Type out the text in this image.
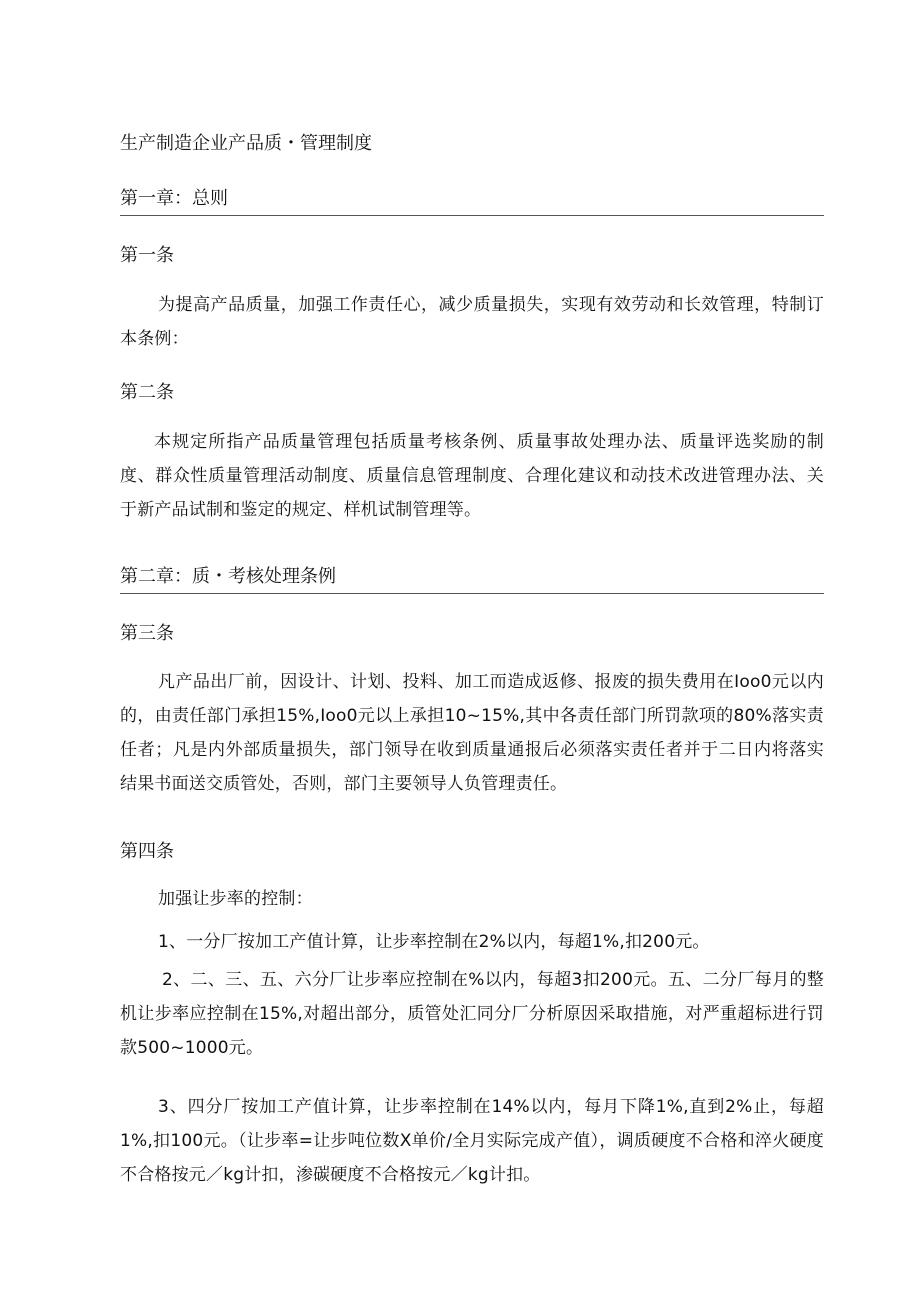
生产制造企业产品质・管理制度
第一章：总则
第一条
为提高产品质量，加强工作责任心，减少质量损失，实现有效劳动和长效管理，特制订本条例：
第二条
本规定所指产品质量管理包括质量考核条例、质量事故处理办法、质量评选奖励的制度、群众性质量管理活动制度、质量信息管理制度、合理化建议和动技术改进管理办法、关于新产品试制和鉴定的规定、样机试制管理等。
第二章：质・考核处理条例
第三条
凡产品出厂前，因设计、计划、投料、加工而造成返修、报废的损失费用在Ioo0元以内的，由责任部门承担15%,Ioo0元以上承担10~15%,其中各责任部门所罚款项的80%落实责任者；凡是内外部质量损失，部门领导在收到质量通报后必须落实责任者并于二日内将落实结果书面送交质管处，否则，部门主要领导人负管理责任。
第四条
加强让步率的控制：
1、一分厂按加工产值计算，让步率控制在2%以内，每超1%,扣200元。
2、二、三、五、六分厂让步率应控制在%以内，每超3扣200元。五、二分厂每月的整机让步率应控制在15%,对超出部分，质管处汇同分厂分析原因采取措施，对严重超标进行罚款500~1000元。
3、四分厂按加工产值计算，让步率控制在14%以内，每月下降1%,直到2%止，每超1%,扣100元。（让步率=让步吨位数X单价/全月实际完成产值），调质硬度不合格和淬火硬度不合格按元／kg计扣，渗碳硬度不合格按元／kg计扣。
